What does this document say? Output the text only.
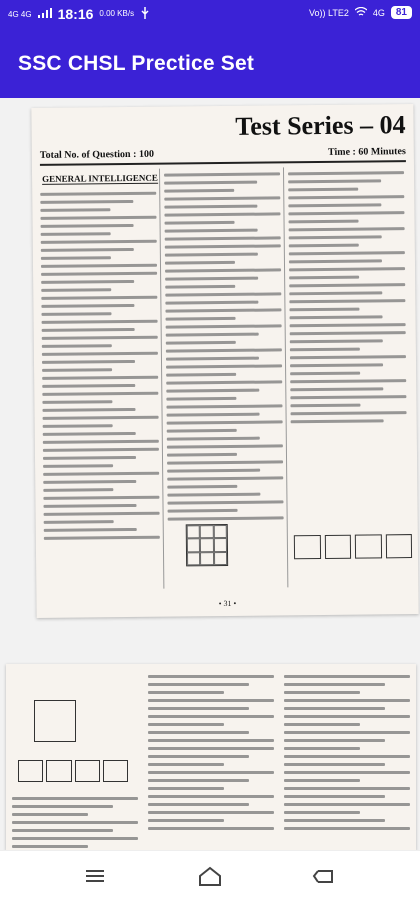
4G 4G 18:16 0.00 KB/s	Vo)) LTE2	4G	81
SSC CHSL Prectice Set
Test Series – 04
Total No. of Question : 100	Time : 60 Minutes
GENERAL INTELLIGENCE
• 31 •
